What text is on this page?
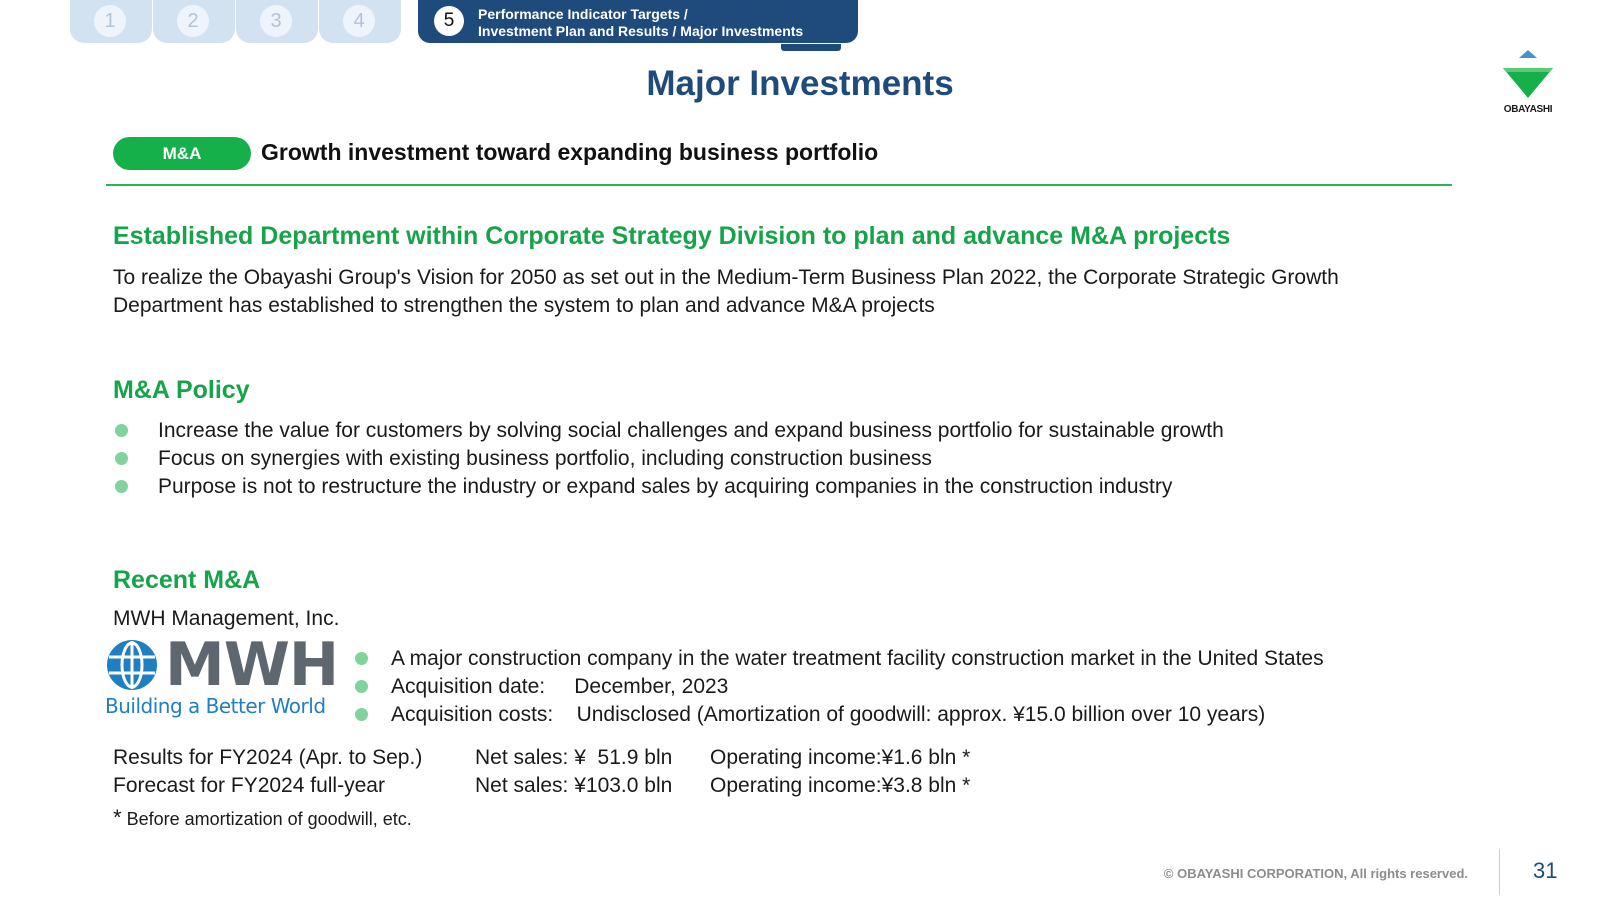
1	2	3	4	5	Performance Indicator Targets /
Investment Plan and Results / Major Investments
OBAYASHI
Major Investments
M&A	Growth investment toward expanding business portfolio
Established Department within Corporate Strategy Division to plan and advance M&A projects
To realize the Obayashi Group's Vision for 2050 as set out in the Medium-Term Business Plan 2022, the Corporate Strategic Growth
Department has established to strengthen the system to plan and advance M&A projects
M&A Policy
Increase the value for customers by solving social challenges and expand business portfolio for sustainable growth
Focus on synergies with existing business portfolio, including construction business
Purpose is not to restructure the industry or expand sales by acquiring companies in the construction industry
Recent M&A
MWH Management, Inc.
MWH
Building a Better World
A major construction company in the water treatment facility construction market in the United States
Acquisition date:     December, 2023
Acquisition costs:    Undisclosed (Amortization of goodwill: approx. ¥15.0 billion over 10 years)
Results for FY2024 (Apr. to Sep.)	Net sales: ¥  51.9 bln Operating income:¥1.6 bln *
Forecast for FY2024 full-year	Net sales: ¥103.0 bln Operating income:¥3.8 bln *
* Before amortization of goodwill, etc.
© OBAYASHI CORPORATION, All rights reserved.	31
